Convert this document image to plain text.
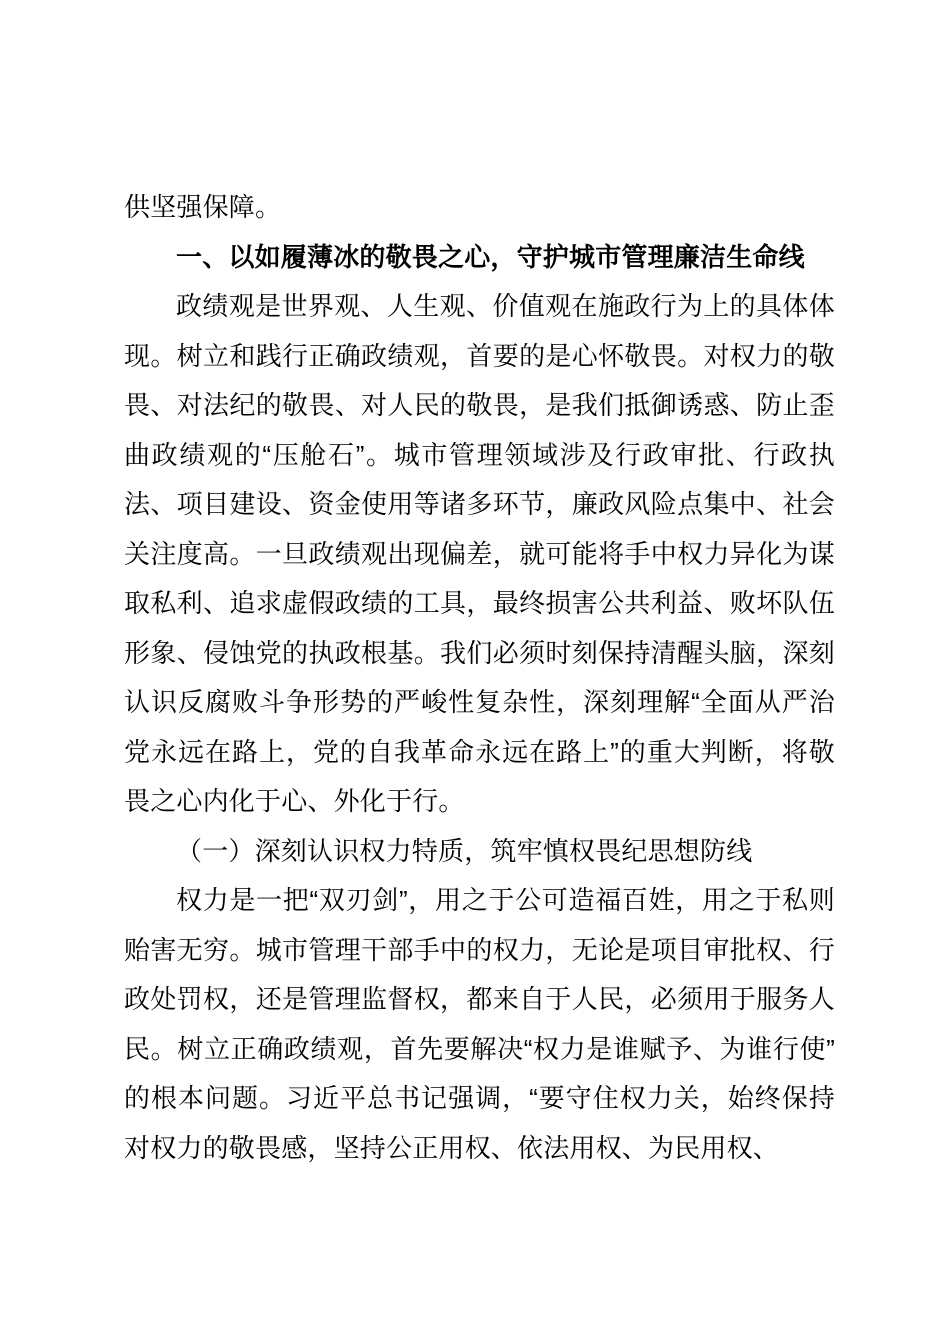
供坚强保障。

一、以如履薄冰的敬畏之心，守护城市管理廉洁生命线

政绩观是世界观、人生观、价值观在施政行为上的具体体现。树立和践行正确政绩观，首要的是心怀敬畏。对权力的敬畏、对法纪的敬畏、对人民的敬畏，是我们抵御诱惑、防止歪曲政绩观的“压舱石”。城市管理领域涉及行政审批、行政执法、项目建设、资金使用等诸多环节，廉政风险点集中、社会关注度高。一旦政绩观出现偏差，就可能将手中权力异化为谋取私利、追求虚假政绩的工具，最终损害公共利益、败坏队伍形象、侵蚀党的执政根基。我们必须时刻保持清醒头脑，深刻认识反腐败斗争形势的严峻性复杂性，深刻理解“全面从严治党永远在路上，党的自我革命永远在路上”的重大判断，将敬畏之心内化于心、外化于行。

（一）深刻认识权力特质，筑牢慎权畏纪思想防线

权力是一把“双刃剑”，用之于公可造福百姓，用之于私则贻害无穷。城市管理干部手中的权力，无论是项目审批权、行政处罚权，还是管理监督权，都来自于人民，必须用于服务人民。树立正确政绩观，首先要解决“权力是谁赋予、为谁行使”的根本问题。习近平总书记强调，“要守住权力关，始终保持对权力的敬畏感，坚持公正用权、依法用权、为民用权、
